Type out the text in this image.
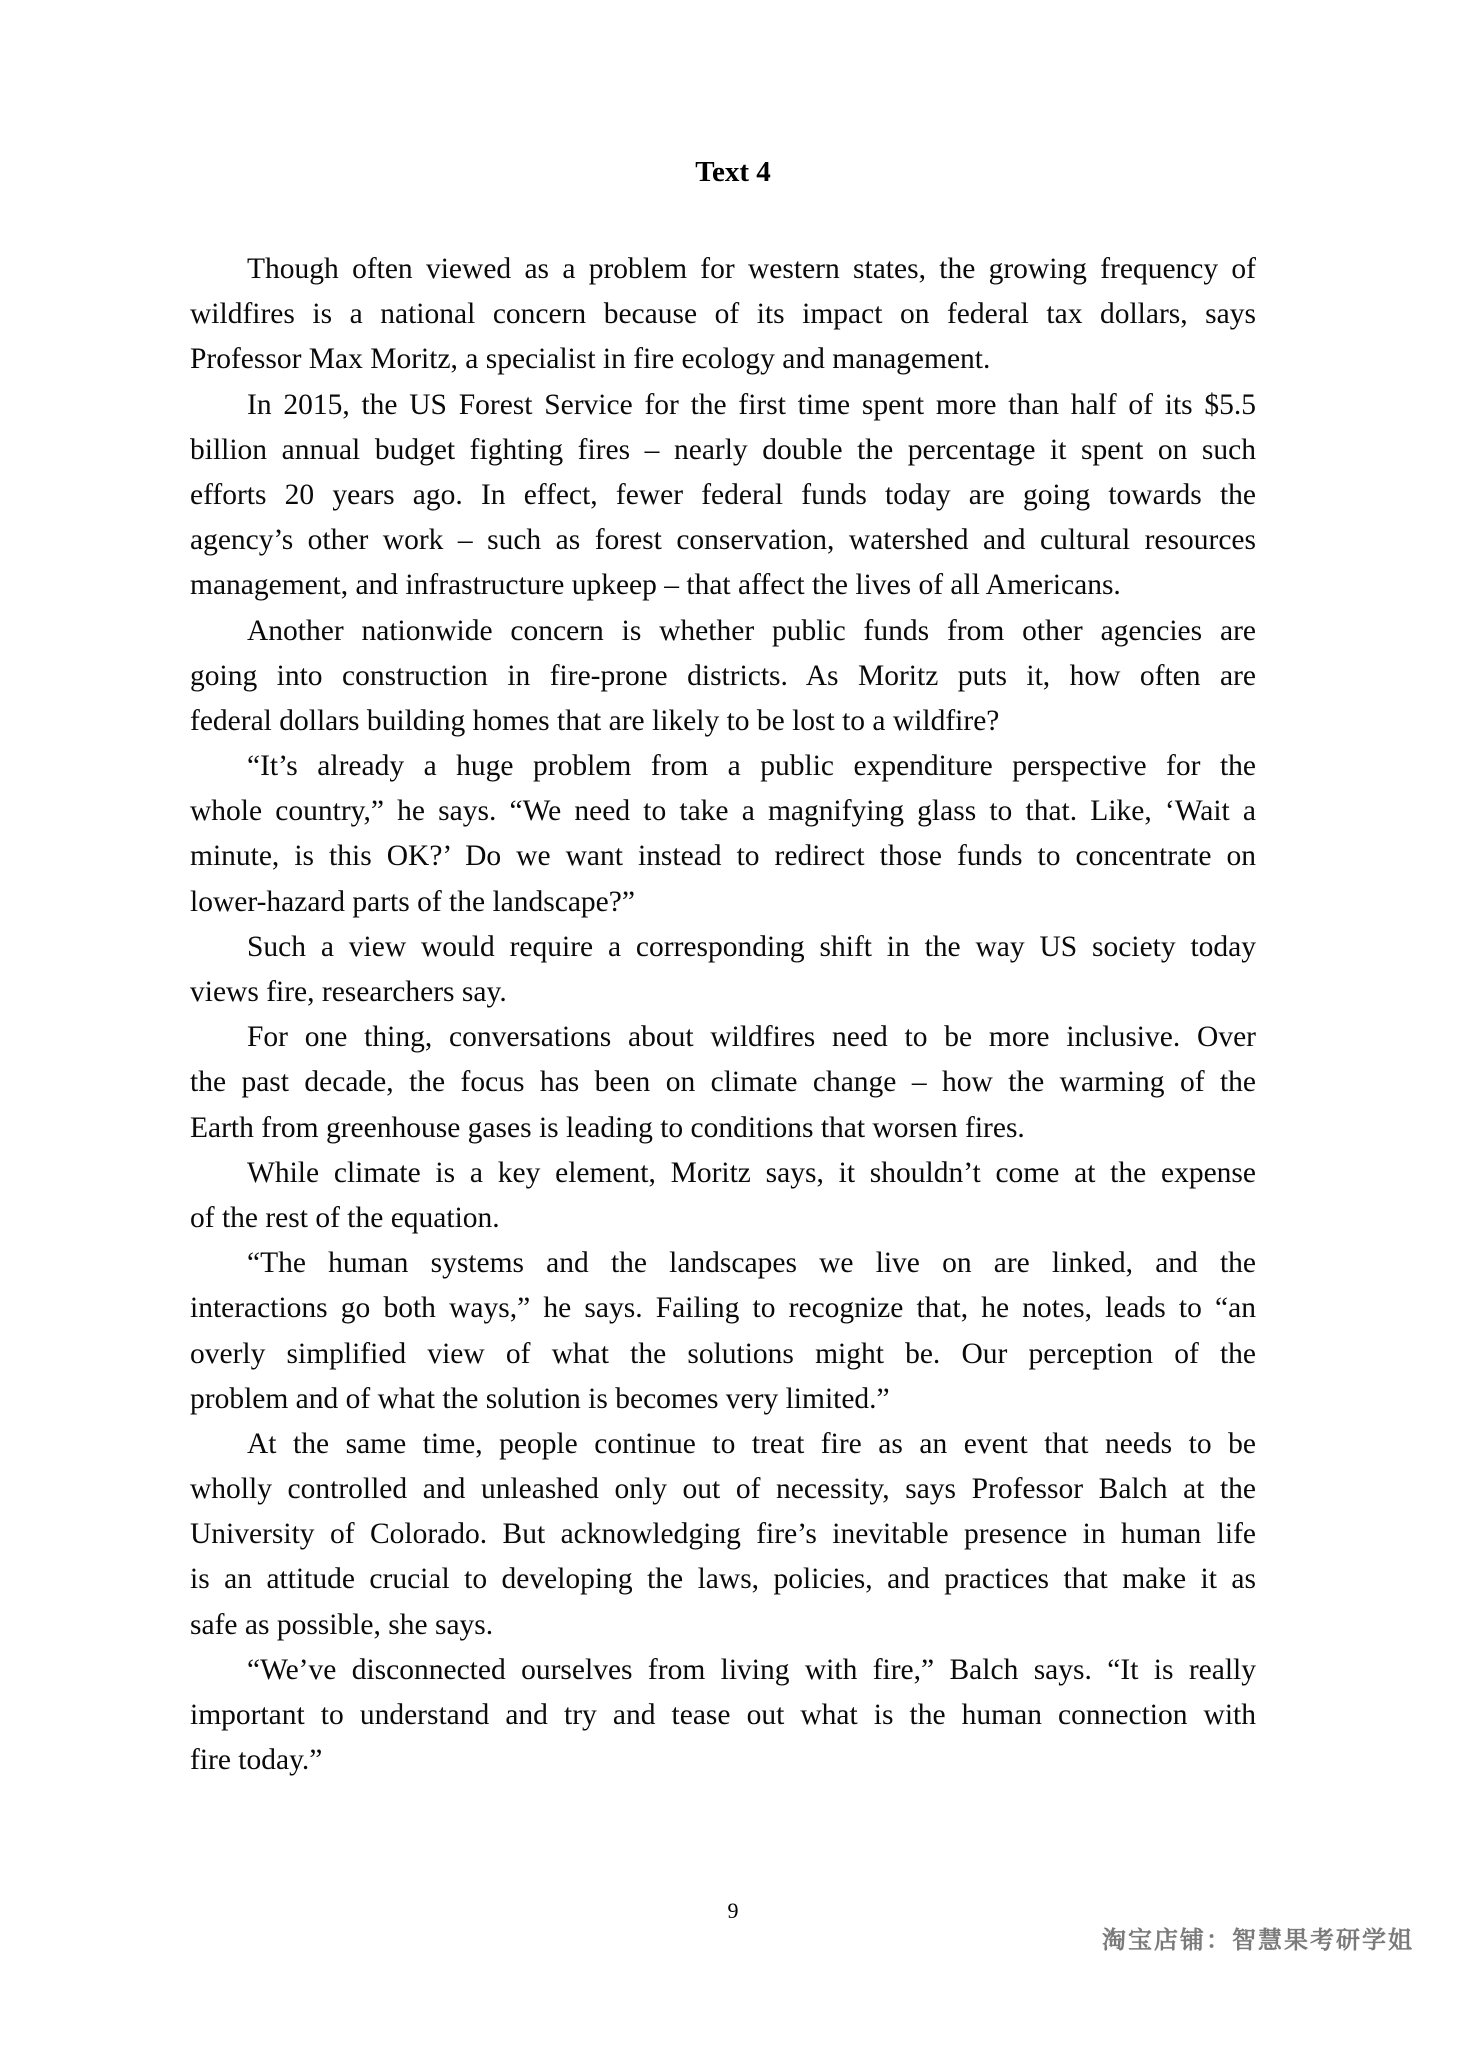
Text 4
Though often viewed as a problem for western states, the growing frequency of
wildfires is a national concern because of its impact on federal tax dollars, says
Professor Max Moritz, a specialist in fire ecology and management.
In 2015, the US Forest Service for the first time spent more than half of its $5.5
billion annual budget fighting fires – nearly double the percentage it spent on such
efforts 20 years ago. In effect, fewer federal funds today are going towards the
agency’s other work – such as forest conservation, watershed and cultural resources
management, and infrastructure upkeep – that affect the lives of all Americans.
Another nationwide concern is whether public funds from other agencies are
going into construction in fire-prone districts. As Moritz puts it, how often are
federal dollars building homes that are likely to be lost to a wildfire?
“It’s already a huge problem from a public expenditure perspective for the
whole country,” he says. “We need to take a magnifying glass to that. Like, ‘Wait a
minute, is this OK?’ Do we want instead to redirect those funds to concentrate on
lower-hazard parts of the landscape?”
Such a view would require a corresponding shift in the way US society today
views fire, researchers say.
For one thing, conversations about wildfires need to be more inclusive. Over
the past decade, the focus has been on climate change – how the warming of the
Earth from greenhouse gases is leading to conditions that worsen fires.
While climate is a key element, Moritz says, it shouldn’t come at the expense
of the rest of the equation.
“The human systems and the landscapes we live on are linked, and the
interactions go both ways,” he says. Failing to recognize that, he notes, leads to “an
overly simplified view of what the solutions might be. Our perception of the
problem and of what the solution is becomes very limited.”
At the same time, people continue to treat fire as an event that needs to be
wholly controlled and unleashed only out of necessity, says Professor Balch at the
University of Colorado. But acknowledging fire’s inevitable presence in human life
is an attitude crucial to developing the laws, policies, and practices that make it as
safe as possible, she says.
“We’ve disconnected ourselves from living with fire,” Balch says. “It is really
important to understand and try and tease out what is the human connection with
fire today.”
9
淘宝店铺：智慧果考研学姐
